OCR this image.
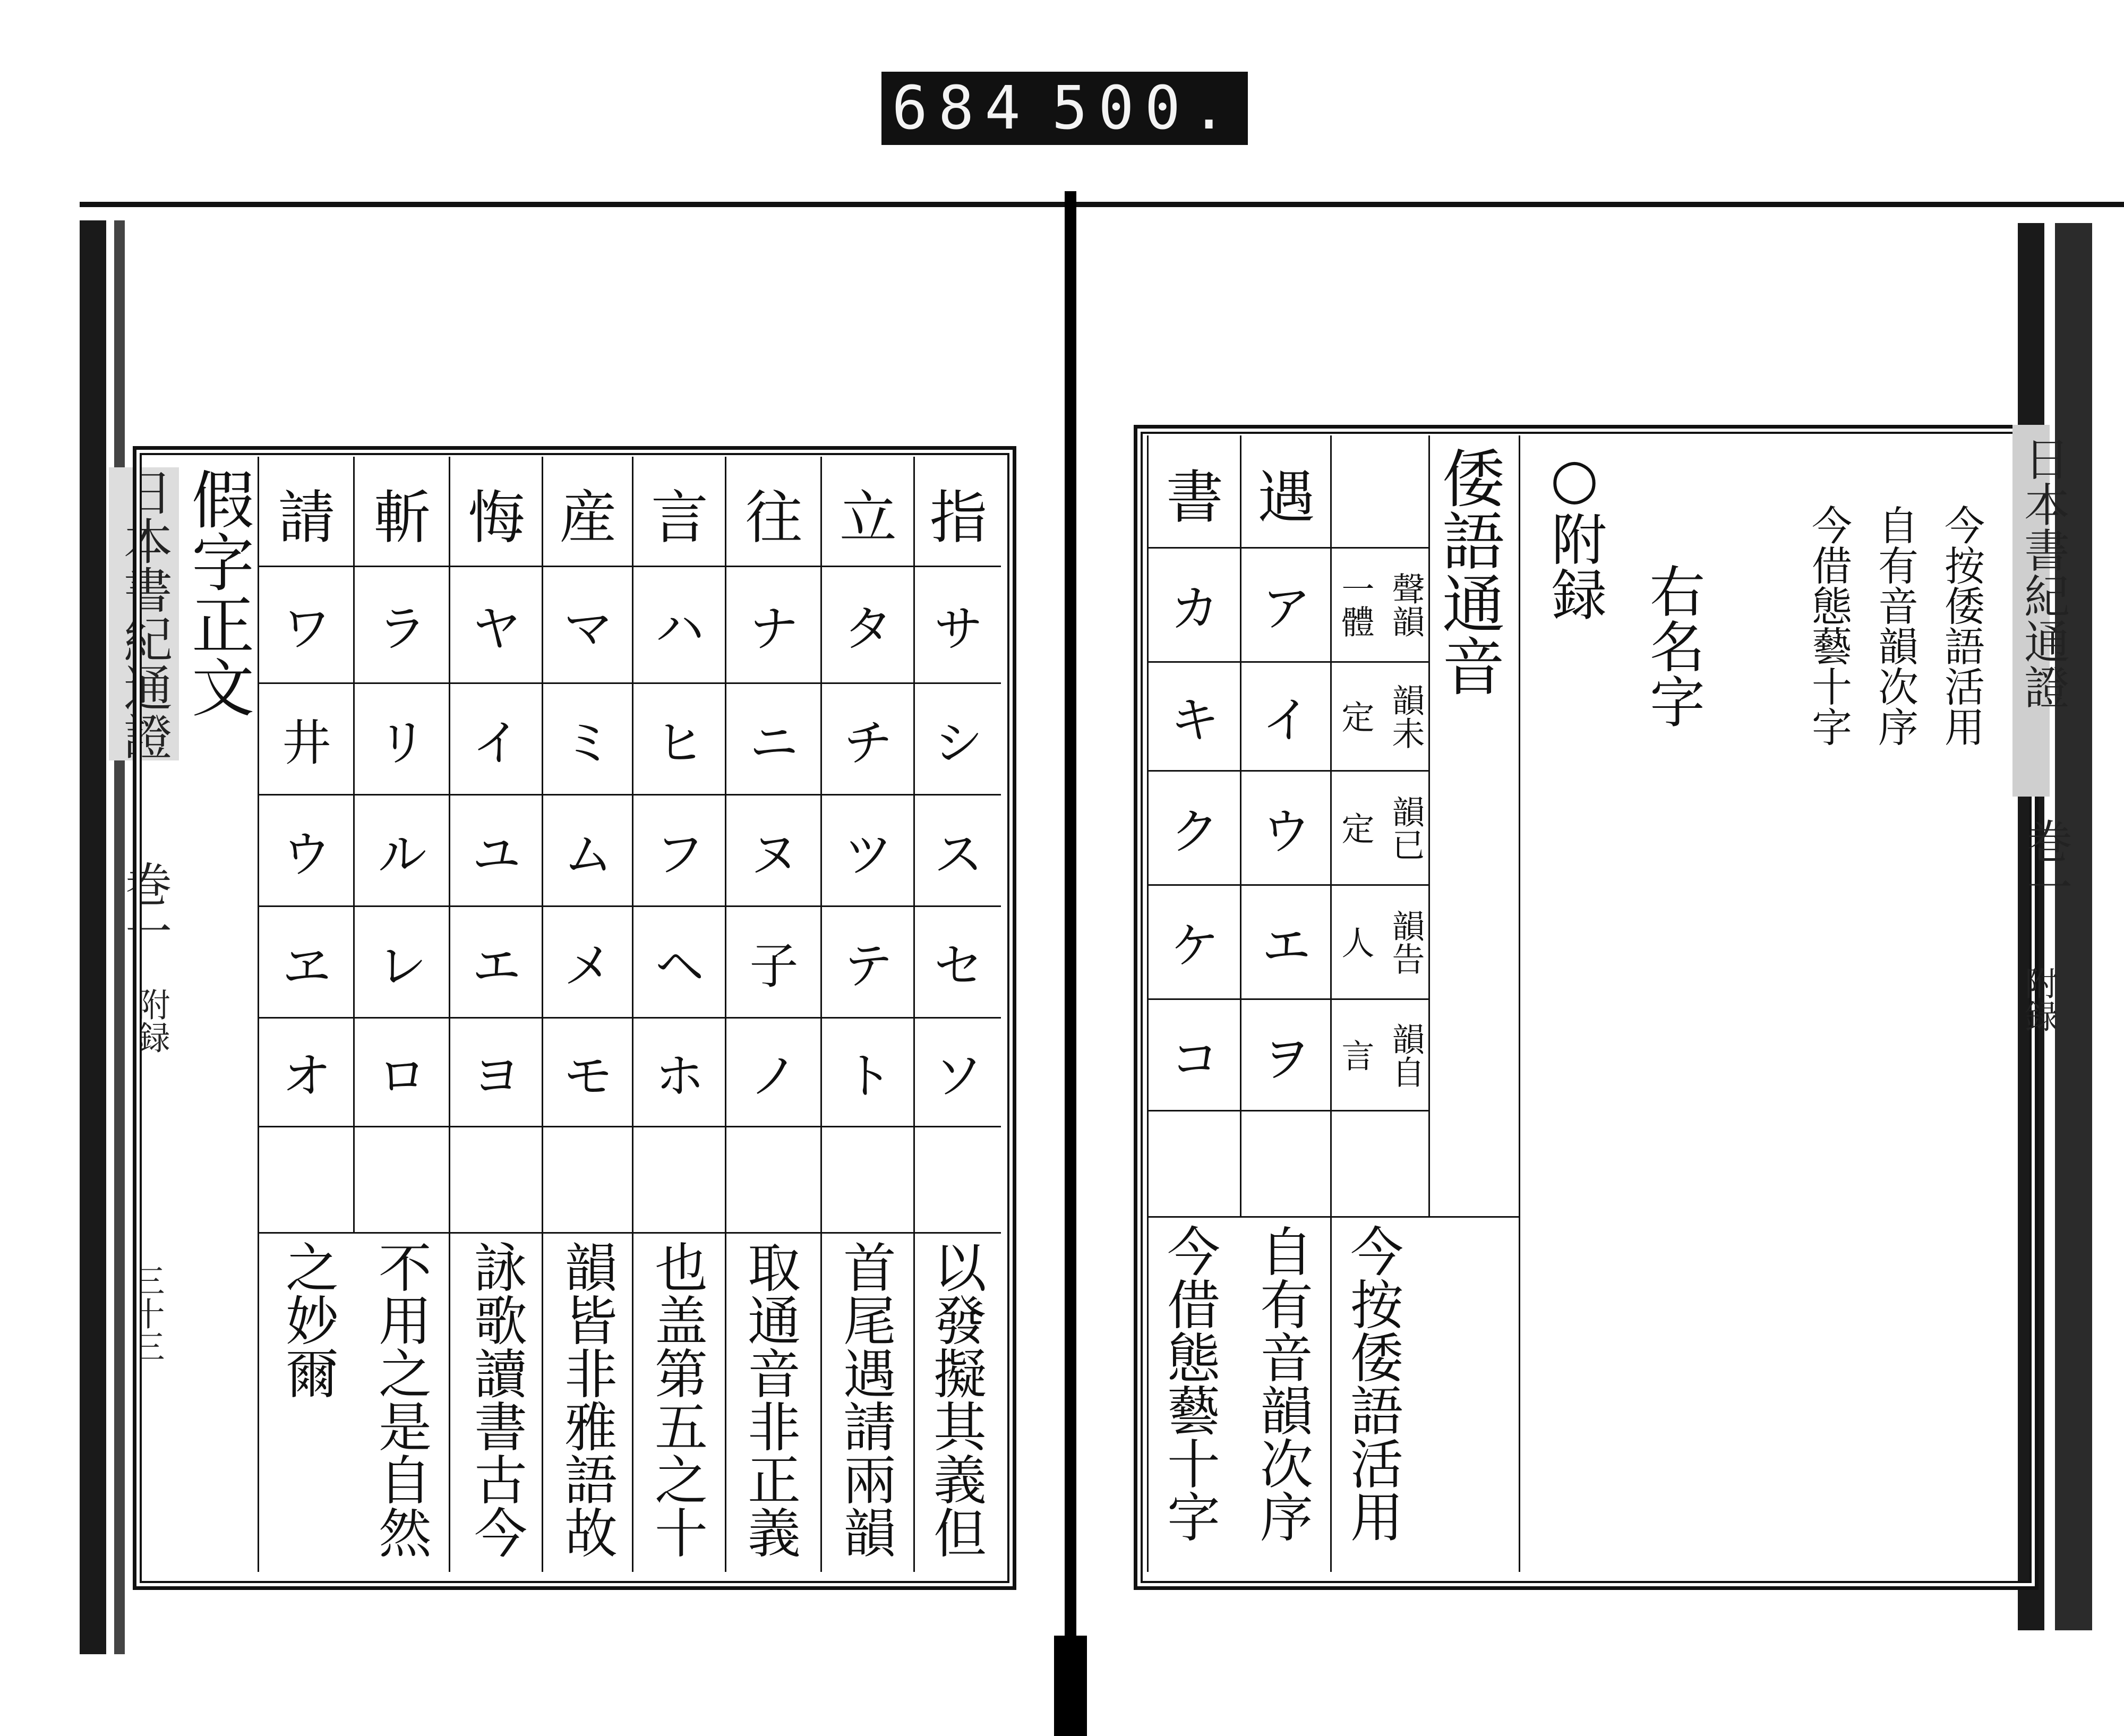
684 500.
日本書紀通證
巻一
附録
三十三
假字正文	指
立
往
言
産
悔
斬
請
サ
シ
ス
セ
ソ
タ
チ
ツ
テ
ト
ナ
ニ
ヌ
子
ノ
ハ
ヒ
フ
ヘ
ホ
マ
ミ
ム
メ
モ
ヤ
イ
ユ
エ
ヨ
ラ
リ
ル
レ
ロ
ワ
井
ウ
ヱ
オ
以發擬其義但
首尾遇請兩韻
取通音非正義
也盖第五之十
韻皆非雅語故
詠歌讀書古今
不用之是自然
之妙爾
日本書紀通證
巻一
附録
今按倭語活用
自有音韻次序
今借態藝十字
右名字
○附録
倭語通音
遇
書
聲韻
一體
韻未
定
韻已
定
韻告
人
韻自
言
ア
イ
ウ
エ
ヲ
カ
キ
ク
ケ
コ
今按倭語活用
自有音韻次序
今借態藝十字
